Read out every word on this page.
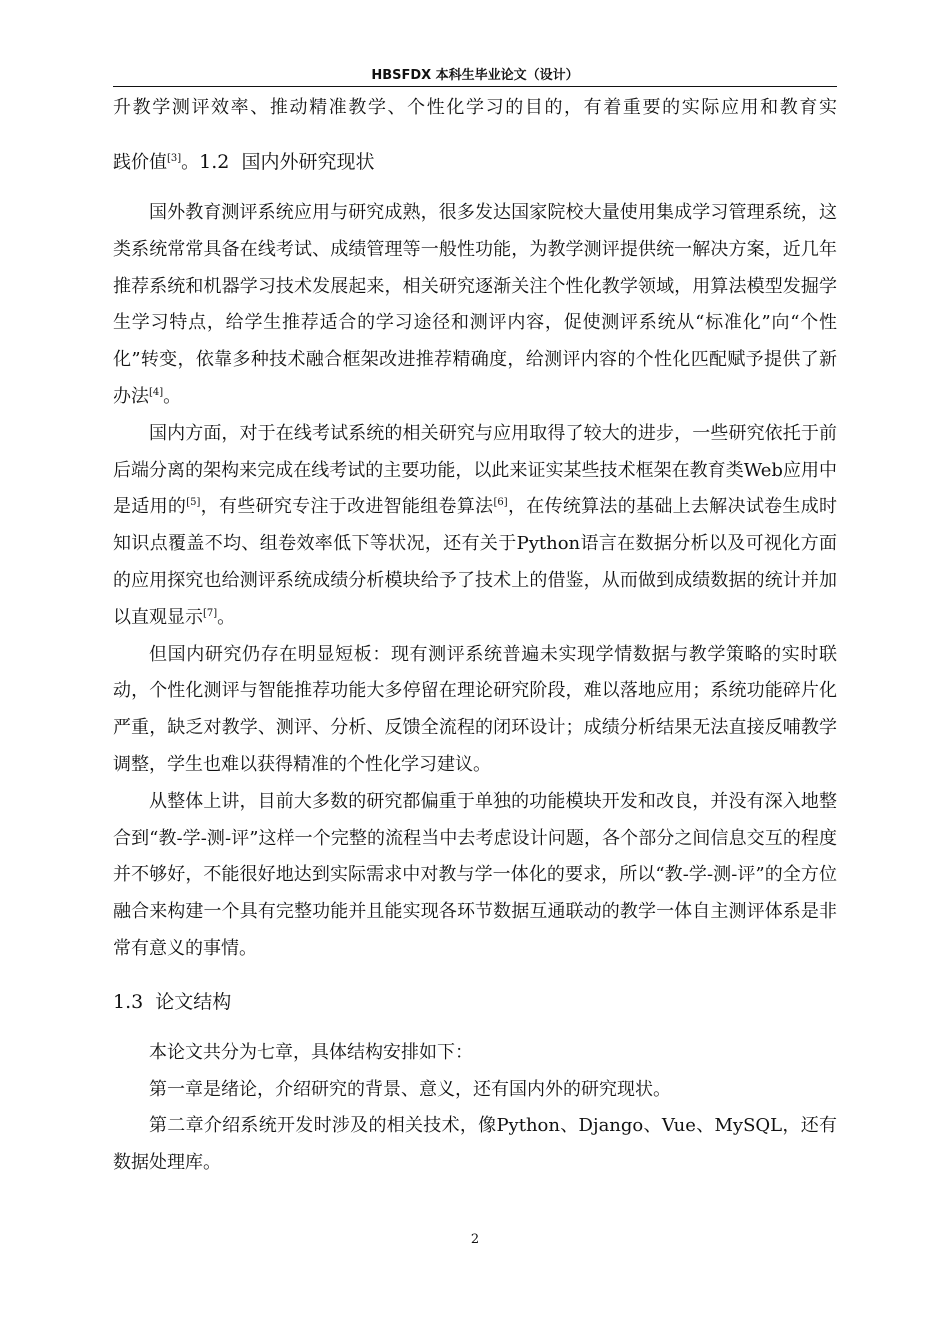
HBSFDX 本科生毕业论文（设计）

升教学测评效率、推动精准教学、个性化学习的目的，有着重要的实际应用和教育实

践价值[3]。1.2 国内外研究现状

国外教育测评系统应用与研究成熟，很多发达国家院校大量使用集成学习管理系统，这类系统常常具备在线考试、成绩管理等一般性功能，为教学测评提供统一解决方案，近几年推荐系统和机器学习技术发展起来，相关研究逐渐关注个性化教学领域，用算法模型发掘学生学习特点，给学生推荐适合的学习途径和测评内容，促使测评系统从“标准化”向“个性化”转变，依靠多种技术融合框架改进推荐精确度，给测评内容的个性化匹配赋予提供了新办法[4]。

国内方面，对于在线考试系统的相关研究与应用取得了较大的进步，一些研究依托于前后端分离的架构来完成在线考试的主要功能，以此来证实某些技术框架在教育类Web应用中是适用的[5]，有些研究专注于改进智能组卷算法[6]，在传统算法的基础上去解决试卷生成时知识点覆盖不均、组卷效率低下等状况，还有关于Python语言在数据分析以及可视化方面的应用探究也给测评系统成绩分析模块给予了技术上的借鉴，从而做到成绩数据的统计并加以直观显示[7]。

但国内研究仍存在明显短板：现有测评系统普遍未实现学情数据与教学策略的实时联动，个性化测评与智能推荐功能大多停留在理论研究阶段，难以落地应用；系统功能碎片化严重，缺乏对教学、测评、分析、反馈全流程的闭环设计；成绩分析结果无法直接反哺教学调整，学生也难以获得精准的个性化学习建议。

从整体上讲，目前大多数的研究都偏重于单独的功能模块开发和改良，并没有深入地整合到“教-学-测-评”这样一个完整的流程当中去考虑设计问题，各个部分之间信息交互的程度并不够好，不能很好地达到实际需求中对教与学一体化的要求，所以“教-学-测-评”的全方位融合来构建一个具有完整功能并且能实现各环节数据互通联动的教学一体自主测评体系是非常有意义的事情。

1.3 论文结构

本论文共分为七章，具体结构安排如下：

第一章是绪论，介绍研究的背景、意义，还有国内外的研究现状。

第二章介绍系统开发时涉及的相关技术，像Python、Django、Vue、MySQL，还有数据处理库。

2
